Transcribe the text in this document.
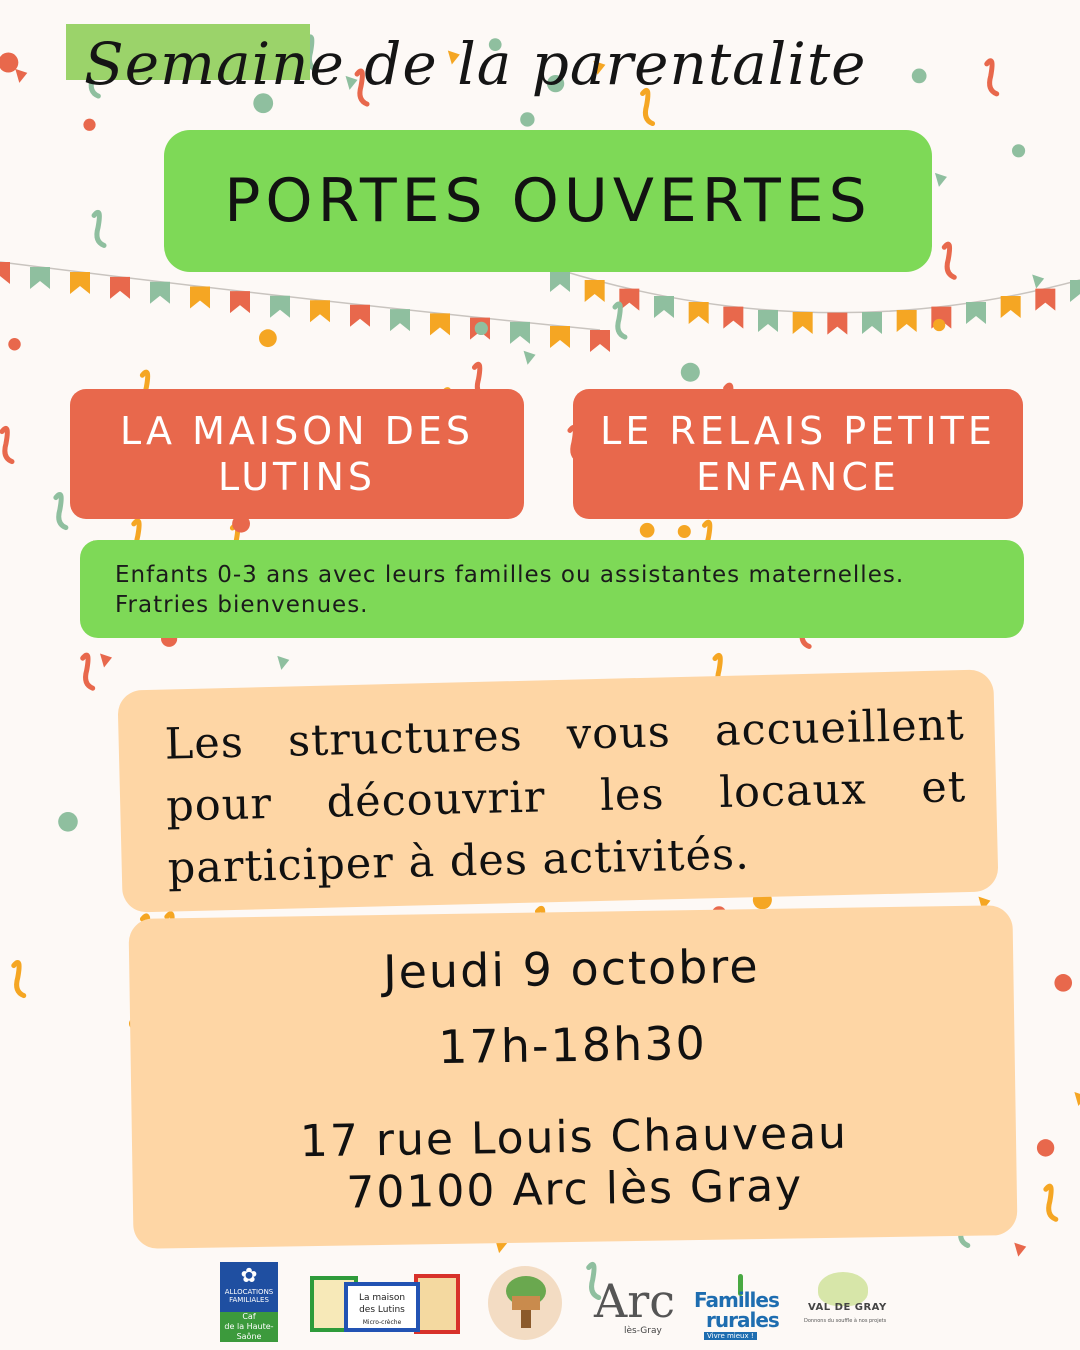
Semaine de la parentalite
PORTES OUVERTES
LA MAISON DES
LUTINS
LE RELAIS PETITE
ENFANCE
Enfants 0-3 ans avec leurs familles ou assistantes maternelles.
Fratries bienvenues.
Les structures vous accueillent pour découvrir les locaux et participer à des activités.
Jeudi 9 octobre
17h-18h30
17 rue Louis Chauveau
70100 Arc lès Gray
✿
ALLOCATIONS FAMILIALES
Caf
de la Haute-Saône
La maison
des Lutins
Micro-crèche	Arc
lès-Gray
Familles
rurales
Vivre mieux !
VAL DE GRAY
Donnons du souffle à nos projets
